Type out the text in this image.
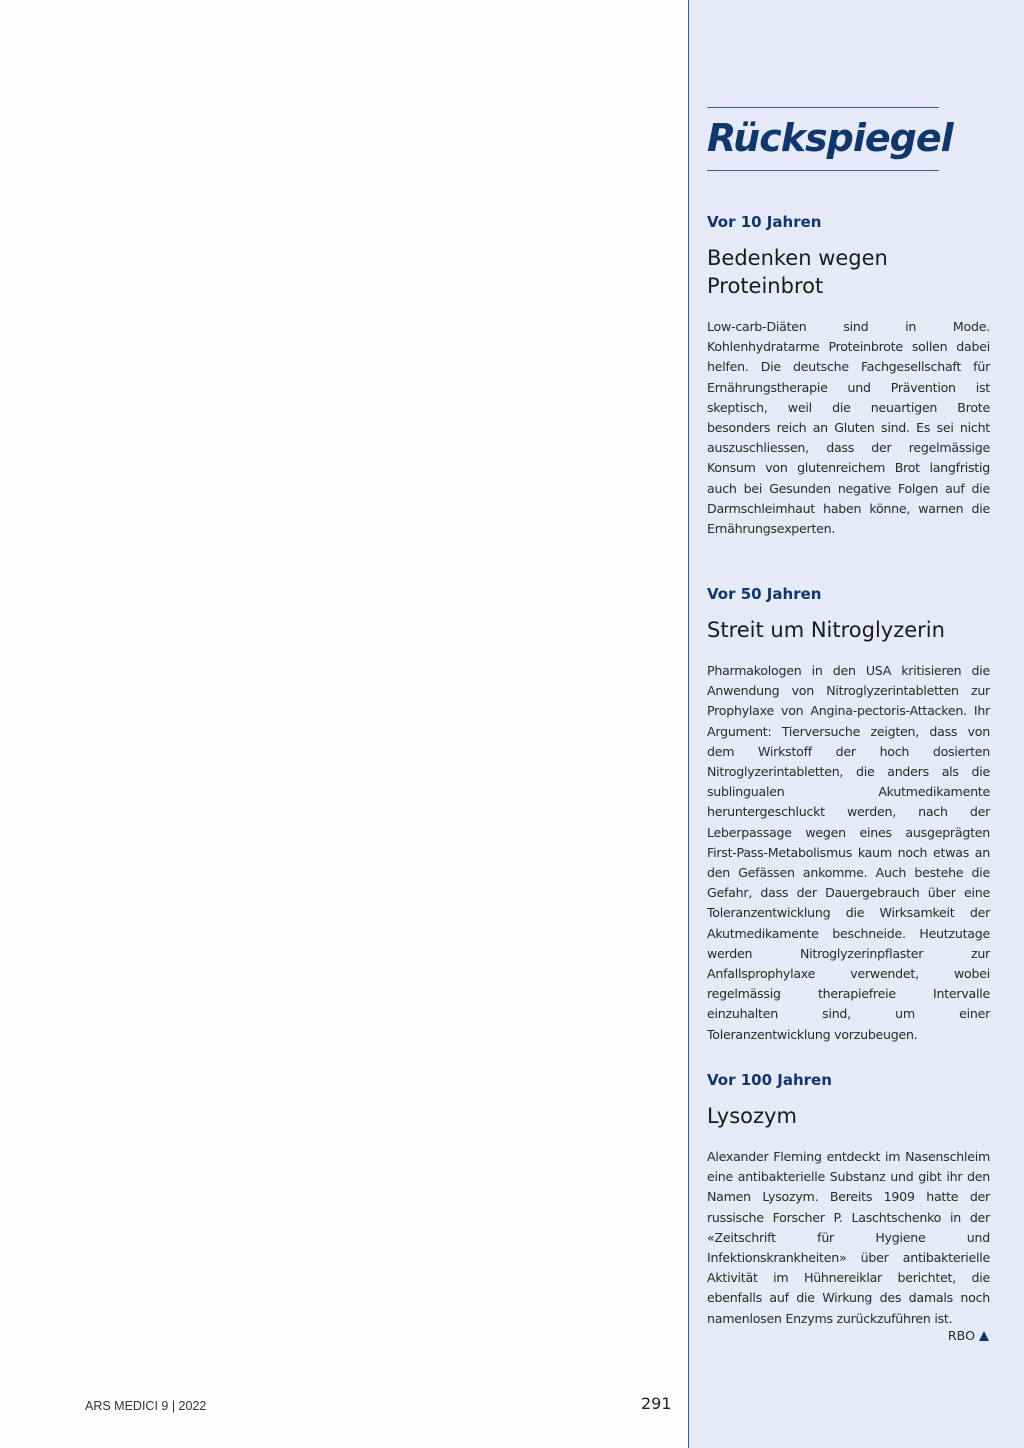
Rückspiegel

Vor 10 Jahren

Bedenken wegen Proteinbrot

Low-carb-Diäten sind in Mode. Kohlenhydratarme Proteinbrote sollen dabei helfen. Die deutsche Fachgesellschaft für Ernährungstherapie und Prävention ist skeptisch, weil die neuartigen Brote besonders reich an Gluten sind. Es sei nicht auszuschliessen, dass der regelmässige Konsum von glutenreichem Brot langfristig auch bei Gesunden negative Folgen auf die Darmschleimhaut haben könne, warnen die Ernährungsexperten.

Vor 50 Jahren

Streit um Nitroglyzerin

Pharmakologen in den USA kritisieren die Anwendung von Nitroglyzerintabletten zur Prophylaxe von Angina-pectoris-Attacken. Ihr Argument: Tierversuche zeigten, dass von dem Wirkstoff der hoch dosierten Nitroglyzerintabletten, die anders als die sublingualen Akutmedikamente heruntergeschluckt werden, nach der Leberpassage wegen eines ausgeprägten First-Pass-Metabolismus kaum noch etwas an den Gefässen ankomme. Auch bestehe die Gefahr, dass der Dauergebrauch über eine Toleranzentwicklung die Wirksamkeit der Akutmedikamente beschneide. Heutzutage werden Nitroglyzerinpflaster zur Anfallsprophylaxe verwendet, wobei regelmässig therapiefreie Intervalle einzuhalten sind, um einer Toleranzentwicklung vorzubeugen.

Vor 100 Jahren

Lysozym

Alexander Fleming entdeckt im Nasenschleim eine antibakterielle Substanz und gibt ihr den Namen Lysozym. Bereits 1909 hatte der russische Forscher P. Laschtschenko in der «Zeitschrift für Hygiene und Infektionskrankheiten» über antibakterielle Aktivität im Hühnereiklar berichtet, die ebenfalls auf die Wirkung des damals noch namenlosen Enzyms zurückzuführen ist.

RBO
ARS MEDICI 9 | 2022	291
